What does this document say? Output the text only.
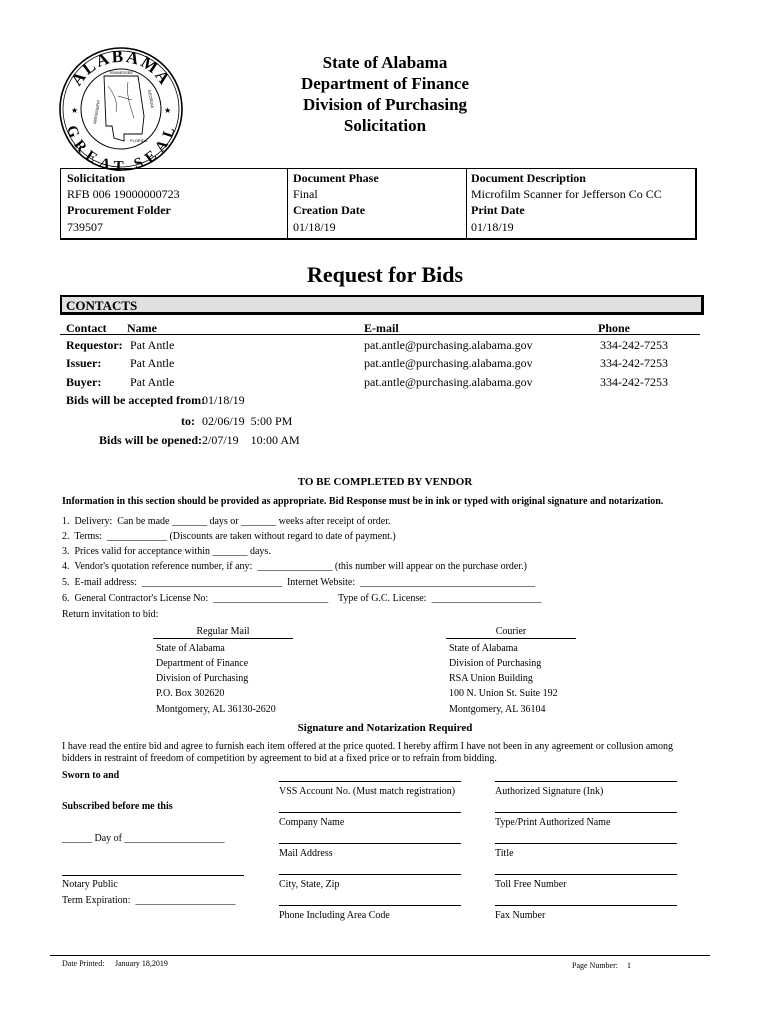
ALABAMA
GREAT SEAL
★	★
TENNESSEE
MISSISSIPPI
GEORGIA
FLORIDA
State of Alabama
Department of Finance
Division of Purchasing
Solicitation
Solicitation
RFB 006 19000000723
Procurement Folder
739507
Document Phase
Final
Creation Date
01/18/19
Document Description
Microfilm Scanner for Jefferson Co CC
Print Date
01/18/19
Request for Bids
CONTACTS
Contact Name	E-mail	Phone
Requestor: Pat Antle	pat.antle@purchasing.alabama.gov	334-242-7253
Issuer: Pat Antle	pat.antle@purchasing.alabama.gov	334-242-7253
Buyer: Pat Antle	pat.antle@purchasing.alabama.gov	334-242-7253
Bids will be accepted from:
01/18/19
to: 02/06/19  5:00 PM
Bids will be opened: 2/07/19    10:00 AM
TO BE COMPLETED BY VENDOR
Information in this section should be provided as appropriate. Bid Response must be in ink or typed with original signature and notarization.
1.  Delivery:  Can be made _______ days or _______ weeks after receipt of order.
2.  Terms:  ____________ (Discounts are taken without regard to date of payment.)
3.  Prices valid for acceptance within _______ days.
4.  Vendor's quotation reference number, if any:  _______________ (this number will appear on the purchase order.)
5.  E-mail address:  ____________________________  Internet Website:  ___________________________________
6.  General Contractor's License No:  _______________________    Type of G.C. License:  ______________________
Return invitation to bid:
Regular Mail
State of Alabama
Department of Finance
Division of Purchasing
P.O. Box 302620
Montgomery, AL 36130-2620
Courier
State of Alabama
Division of Purchasing
RSA Union Building
100 N. Union St. Suite 192
Montgomery, AL 36104
Signature and Notarization Required
I have read the entire bid and agree to furnish each item offered at the price quoted. I hereby affirm I have not been in any agreement or collusion among
bidders in restraint of freedom of competition by agreement to bid at a fixed price or to refrain from bidding.
Sworn to and
Subscribed before me this
______ Day of ____________________
Notary Public
Term Expiration:  ____________________
VSS Account No. (Must match registration)
Company Name
Mail Address
City, State, Zip
Phone Including Area Code
Authorized Signature (Ink)
Type/Print Authorized Name
Title
Toll Free Number
Fax Number
Date Printed: January 18,2019	Page Number: 1
